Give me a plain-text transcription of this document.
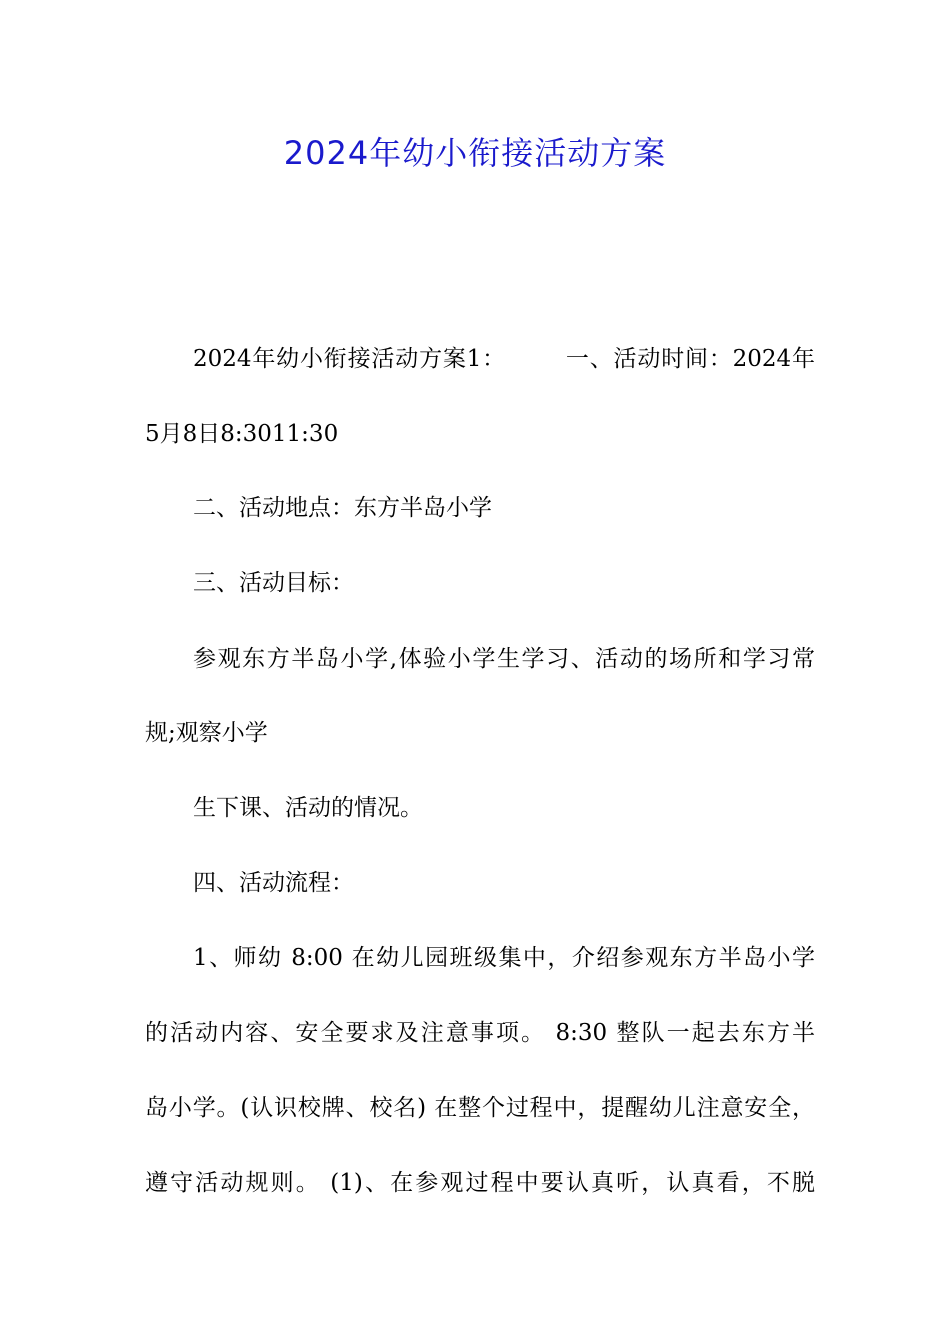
2024年幼小衔接活动方案

2024年幼小衔接活动方案1：　　　一、活动时间：2024年

5月8日8:3011:30

二、活动地点：东方半岛小学

三、活动目标：

参观东方半岛小学,体验小学生学习、活动的场所和学习常

规;观察小学

生下课、活动的情况。

四、活动流程：

1、师幼 8:00 在幼儿园班级集中，介绍参观东方半岛小学

的活动内容、安全要求及注意事项。 8:30 整队一起去东方半

岛小学。(认识校牌、校名) 在整个过程中，提醒幼儿注意安全，

遵守活动规则。 (1)、在参观过程中要认真听，认真看，不脱
